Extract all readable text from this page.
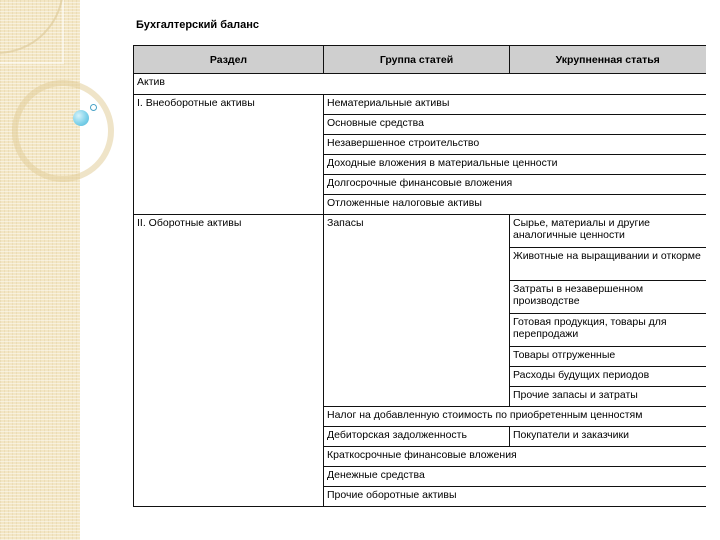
Бухгалтерский баланс
Раздел	Группа статей	Укрупненная статья
Актив		
I. Внеоборотные активы	Нематериальные активы	
	Основные средства	
	Незавершенное строительство	
	Доходные вложения в материальные ценности	
	Долгосрочные финансовые вложения	
	Отложенные налоговые активы	
II. Оборотные активы	Запасы	Сырье, материалы и другие аналогичные ценности
		Животные на выращивании и откорме
		Затраты в незавершенном производстве
		Готовая продукция, товары для перепродажи
		Товары отгруженные
		Расходы будущих периодов
		Прочие запасы и затраты
	Налог на добавленную стоимость по приобретенным ценностям	
	Дебиторская задолженность	Покупатели и заказчики
	Краткосрочные финансовые вложения	
	Денежные средства	
	Прочие оборотные активы	
